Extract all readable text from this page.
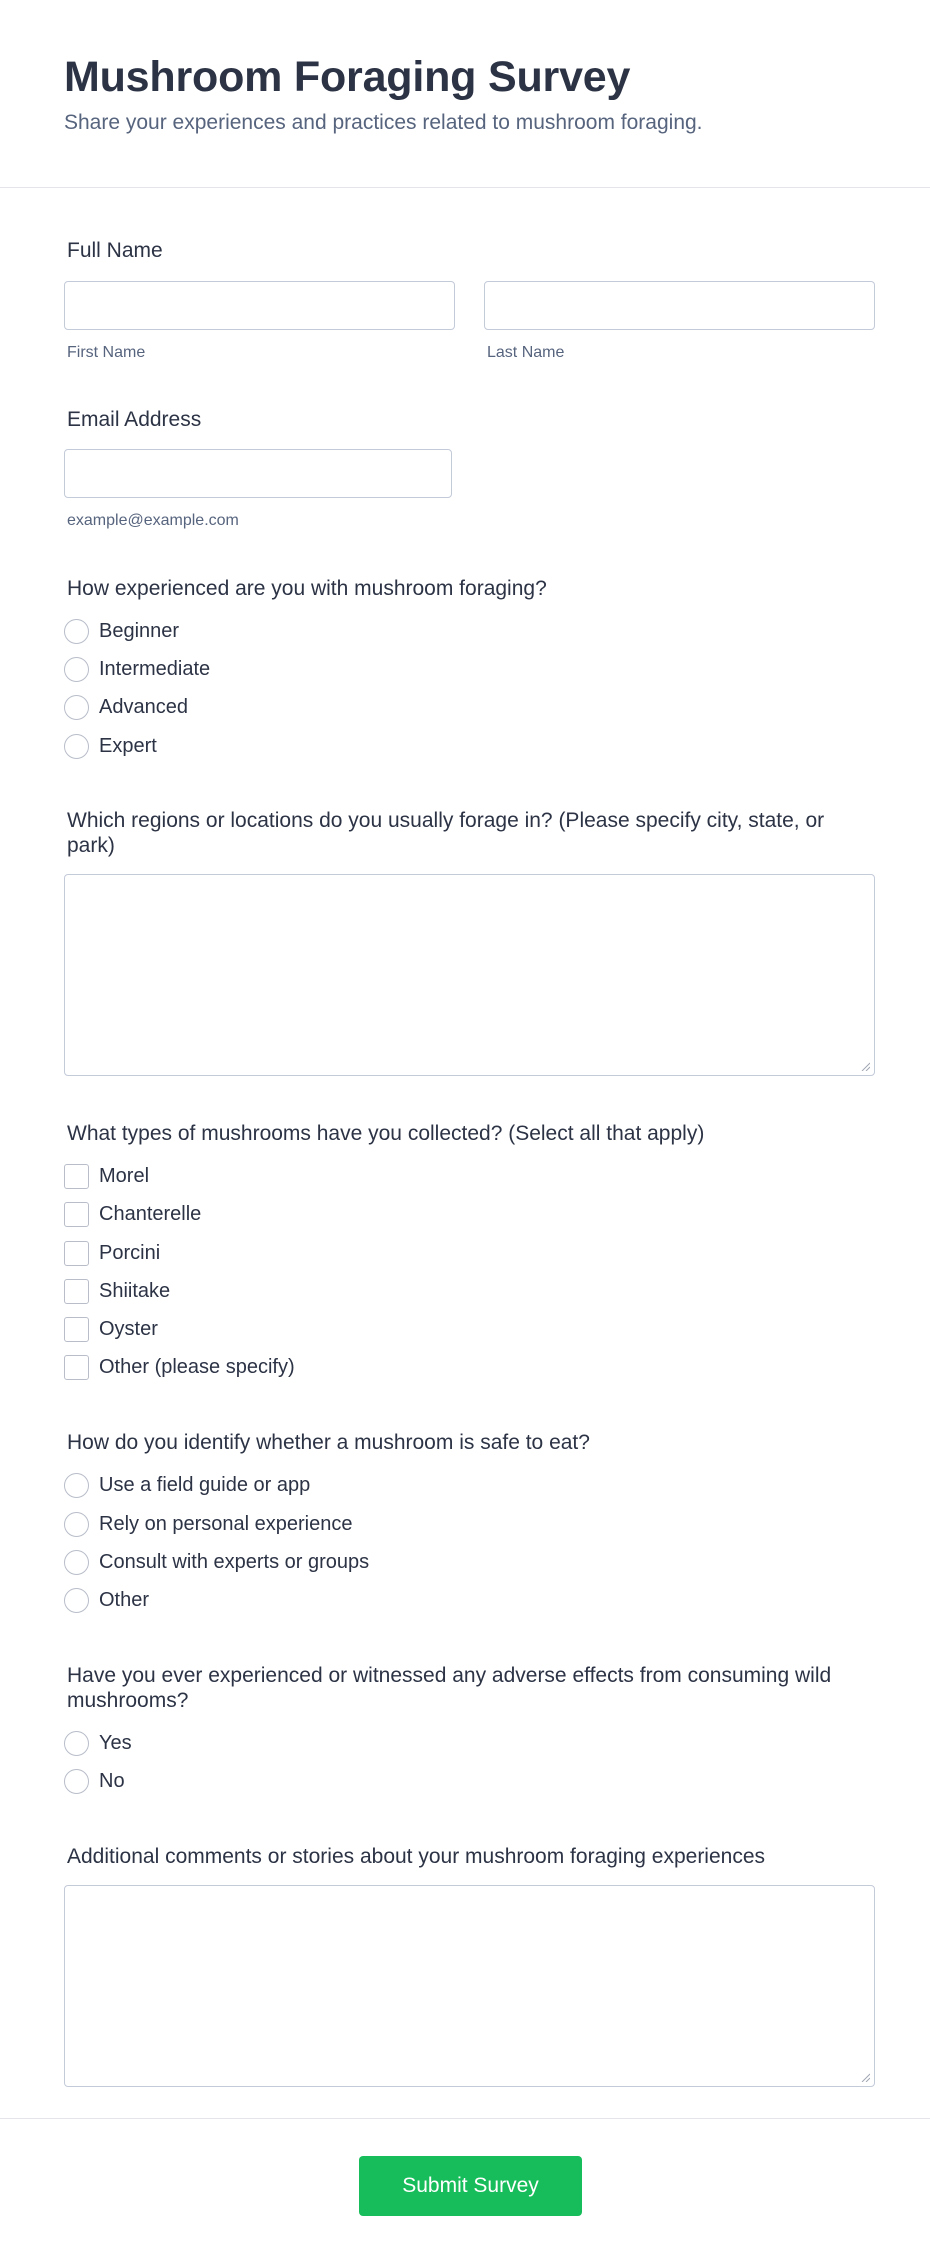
Mushroom Foraging Survey

Share your experiences and practices related to mushroom foraging.

Full Name
First Name	Last Name
Email Address
example@example.com
How experienced are you with mushroom foraging?
Beginner
Intermediate
Advanced
Expert
Which regions or locations do you usually forage in? (Please specify city, state, or
park)
What types of mushrooms have you collected? (Select all that apply)
Morel
Chanterelle
Porcini
Shiitake
Oyster
Other (please specify)
How do you identify whether a mushroom is safe to eat?
Use a field guide or app
Rely on personal experience
Consult with experts or groups
Other
Have you ever experienced or witnessed any adverse effects from consuming wild
mushrooms?
Yes
No
Additional comments or stories about your mushroom foraging experiences
Submit Survey
